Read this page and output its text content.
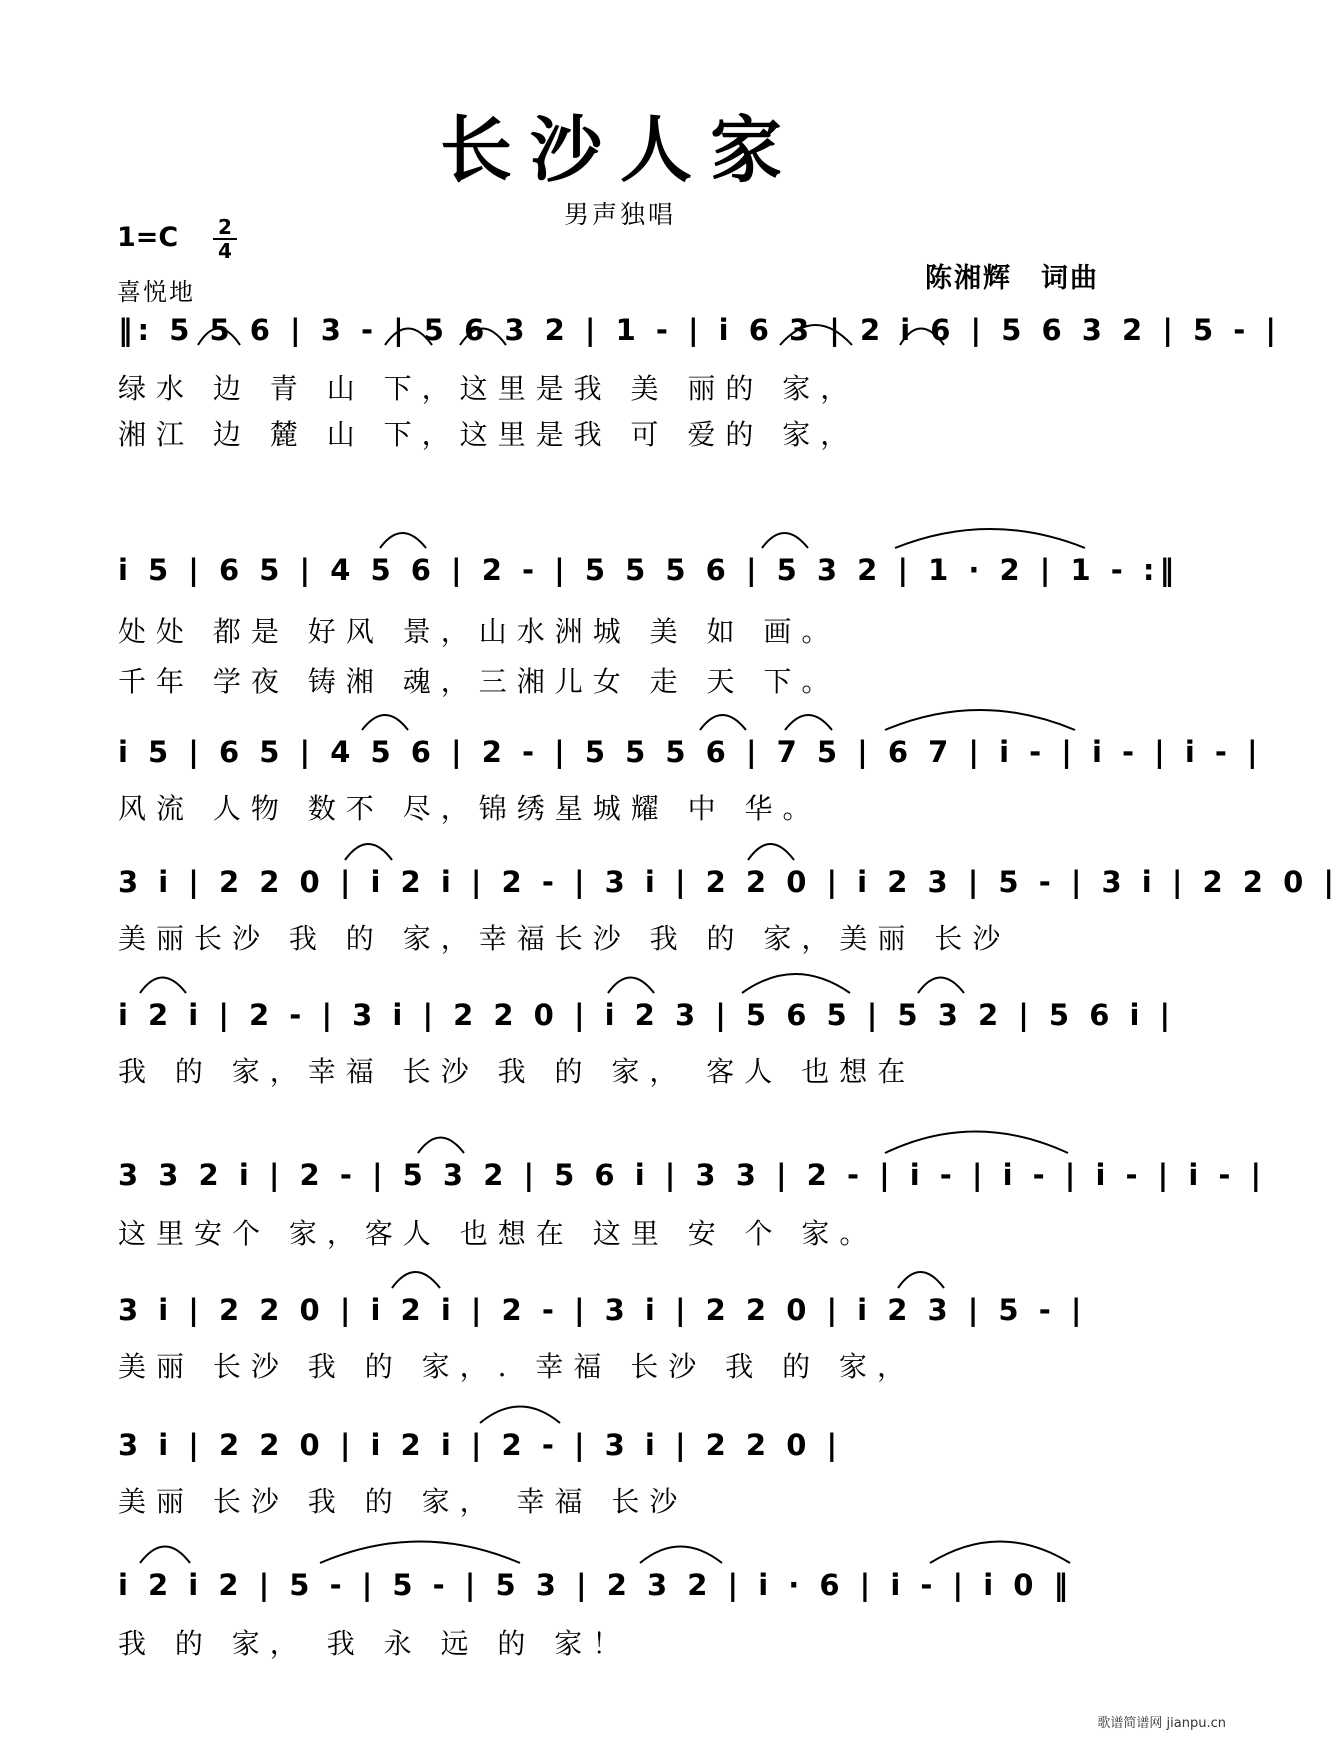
长沙人家
男声独唱
1=C 2
4
喜悦地	陈湘辉　词曲
‖: 5 5 6 | 3 - | 5 6 3 2 | 1 - | i 6 3 | 2 i 6 | 5 6 3 2 | 5 - |
绿水 边 青 山 下，这里是我 美 丽的 家，
湘江 边 麓 山 下，这里是我 可 爱的 家，
i 5 | 6 5 | 4 5 6 | 2 - | 5 5 5 6 | 5 3 2 | 1 · 2 | 1 - :‖
处处 都是 好风 景，山水洲城 美 如 画。
千年 学夜 铸湘 魂，三湘儿女 走 天 下。
i 5 | 6 5 | 4 5 6 | 2 - | 5 5 5 6 | 7 5 | 6 7 | i - | i - | i - |
风流 人物 数不 尽，锦绣星城耀 中 华。
3 i | 2 2 0 | i 2 i | 2 - | 3 i | 2 2 0 | i 2 3 | 5 - | 3 i | 2 2 0 |
美丽长沙 我 的 家，幸福长沙 我 的 家，美丽 长沙
i 2 i | 2 - | 3 i | 2 2 0 | i 2 3 | 5 6 5 | 5 3 2 | 5 6 i |
我 的 家，幸福 长沙 我 的 家， 客人 也想在
3 3 2 i | 2 - | 5 3 2 | 5 6 i | 3 3 | 2 - | i - | i - | i - | i - |
这里安个 家，客人 也想在 这里 安 个 家。
3 i | 2 2 0 | i 2 i | 2 - | 3 i | 2 2 0 | i 2 3 | 5 - |
美丽 长沙 我 的 家，. 幸福 长沙 我 的 家，
3 i | 2 2 0 | i 2 i | 2 - | 3 i | 2 2 0 |
美丽 长沙 我 的 家， 幸福 长沙
i 2 i 2 | 5 - | 5 - | 5 3 | 2 3 2 | i · 6 | i - | i 0 ‖
我 的 家， 我 永 远 的 家！
歌谱简谱网 jianpu.cn
